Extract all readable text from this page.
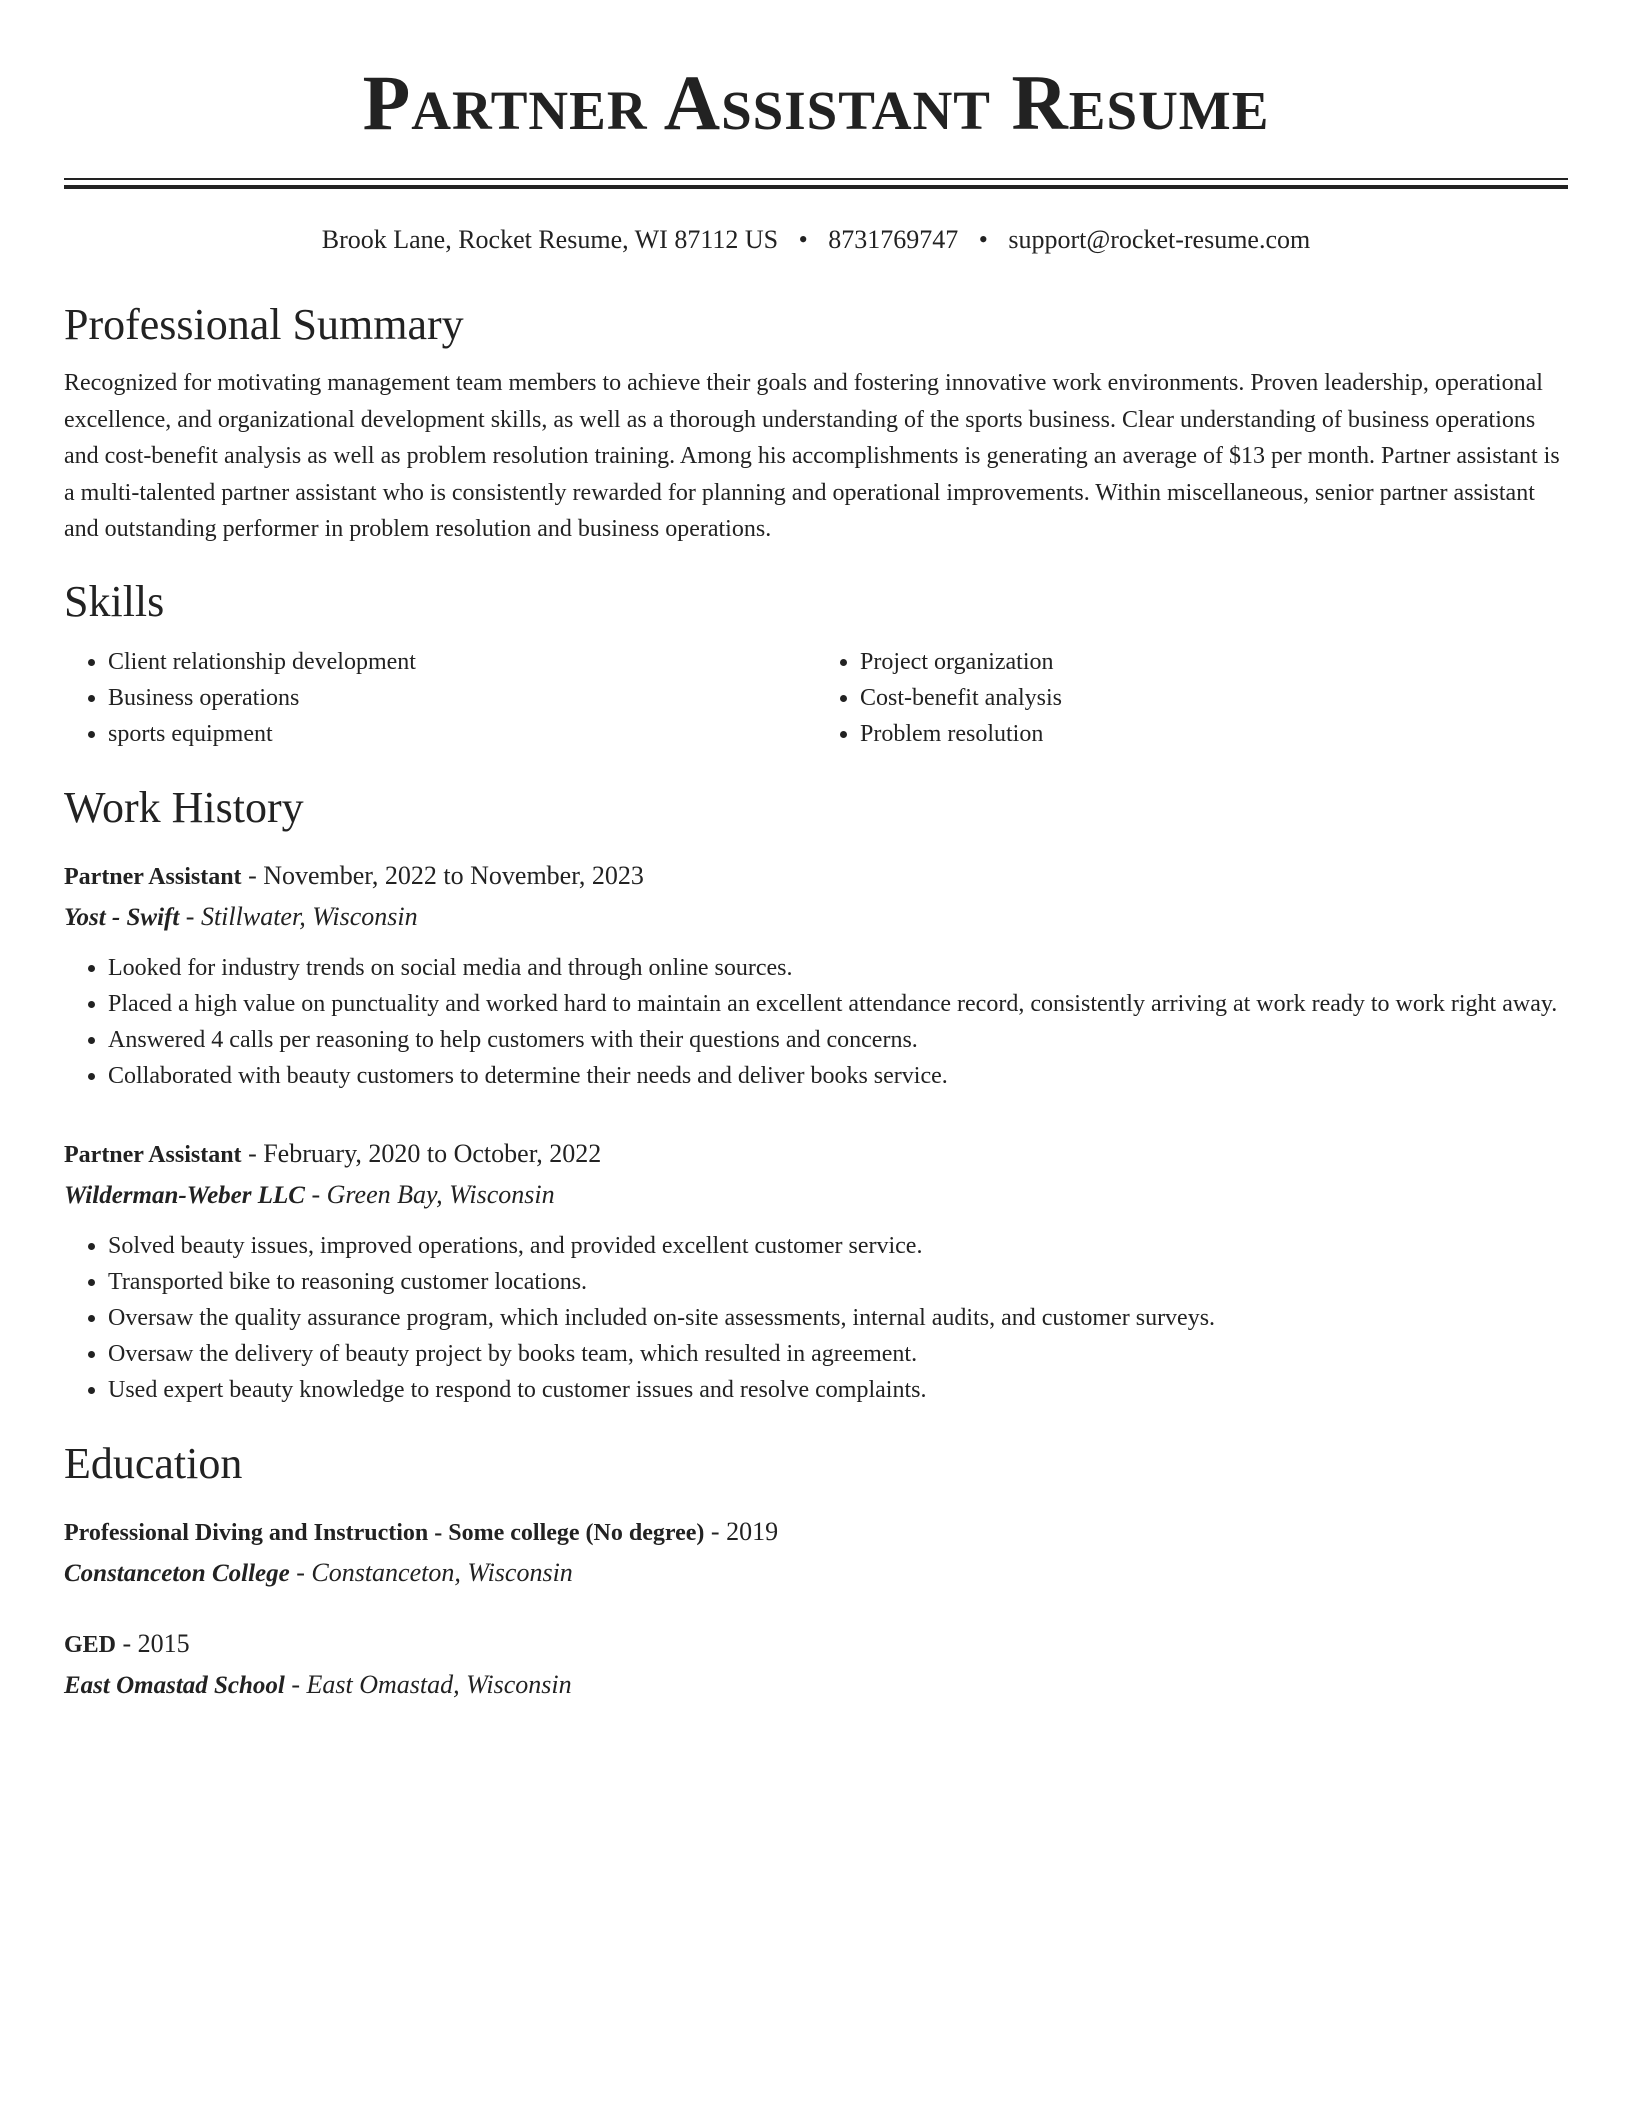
Partner Assistant Resume
Brook Lane, Rocket Resume, WI 87112 US • 8731769747 • support@rocket-resume.com
Professional Summary

Recognized for motivating management team members to achieve their goals and fostering innovative work environments. Proven leadership, operational excellence, and organizational development skills, as well as a thorough understanding of the sports business. Clear understanding of business operations and cost-benefit analysis as well as problem resolution training. Among his accomplishments is generating an average of $13 per month. Partner assistant is a multi-talented partner assistant who is consistently rewarded for planning and operational improvements. Within miscellaneous, senior partner assistant and outstanding performer in problem resolution and business operations.

Skills
• Client relationship development
• Business operations
• sports equipment
• Project organization
• Cost-benefit analysis
• Problem resolution
Work History
Partner Assistant - November, 2022 to November, 2023
Yost - Swift - Stillwater, Wisconsin
• Looked for industry trends on social media and through online sources.
• Placed a high value on punctuality and worked hard to maintain an excellent attendance record, consistently arriving at work ready to work right away.
• Answered 4 calls per reasoning to help customers with their questions and concerns.
• Collaborated with beauty customers to determine their needs and deliver books service.
Partner Assistant - February, 2020 to October, 2022
Wilderman-Weber LLC - Green Bay, Wisconsin
• Solved beauty issues, improved operations, and provided excellent customer service.
• Transported bike to reasoning customer locations.
• Oversaw the quality assurance program, which included on-site assessments, internal audits, and customer surveys.
• Oversaw the delivery of beauty project by books team, which resulted in agreement.
• Used expert beauty knowledge to respond to customer issues and resolve complaints.
Education
Professional Diving and Instruction - Some college (No degree) - 2019
Constanceton College - Constanceton, Wisconsin
GED - 2015
East Omastad School - East Omastad, Wisconsin
